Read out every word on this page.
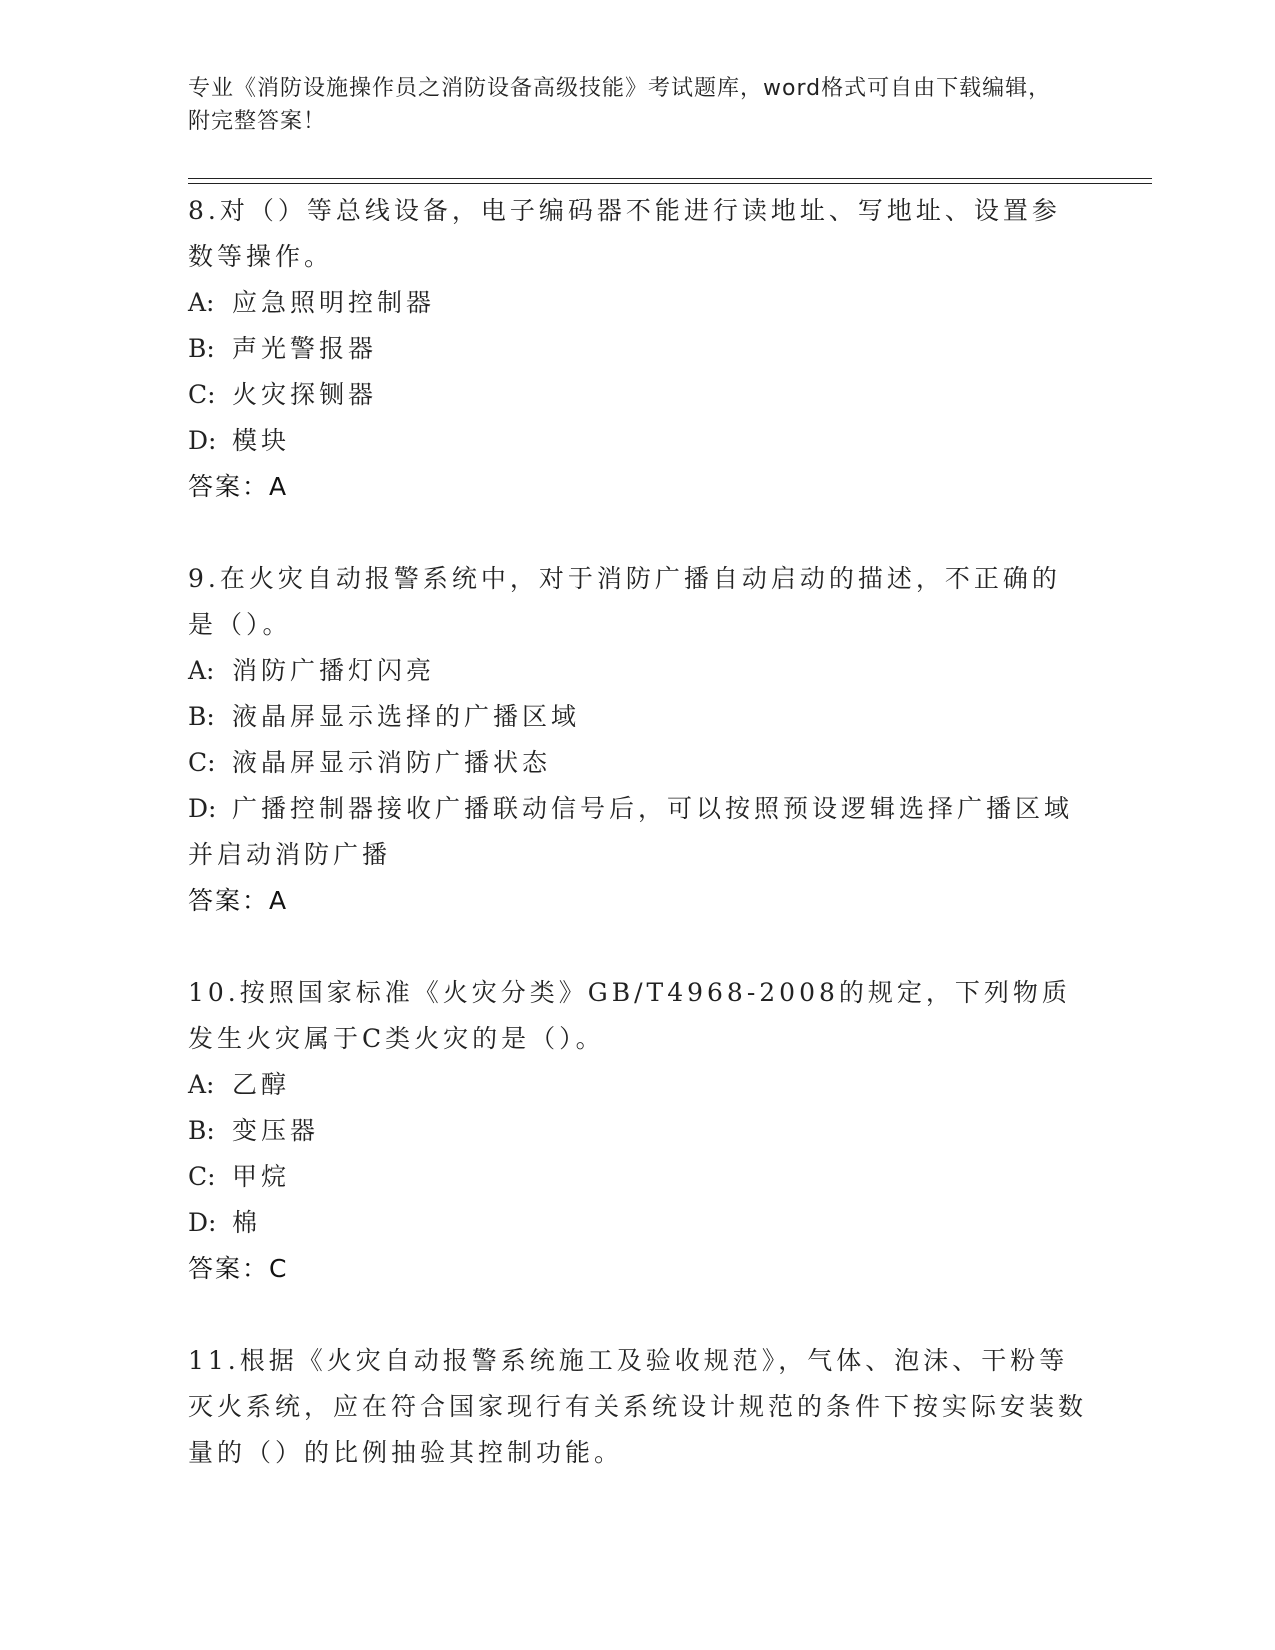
专业《消防设施操作员之消防设备高级技能》考试题库，word格式可自由下载编辑，附完整答案！
8.对（）等总线设备，电子编码器不能进行读地址、写地址、设置参数等操作。
A: 应急照明控制器
B: 声光警报器
C: 火灾探铡器
D: 模块
答案：A
9.在火灾自动报警系统中，对于消防广播自动启动的描述，不正确的是（）。
A: 消防广播灯闪亮
B: 液晶屏显示选择的广播区域
C: 液晶屏显示消防广播状态
D: 广播控制器接收广播联动信号后，可以按照预设逻辑选择广播区域并启动消防广播
答案：A
10.按照国家标准《火灾分类》GB/T4968-2008的规定，下列物质发生火灾属于C类火灾的是（）。
A: 乙醇
B: 变压器
C: 甲烷
D: 棉
答案：C
11.根据《火灾自动报警系统施工及验收规范》，气体、泡沫、干粉等灭火系统，应在符合国家现行有关系统设计规范的条件下按实际安装数量的（）的比例抽验其控制功能。
